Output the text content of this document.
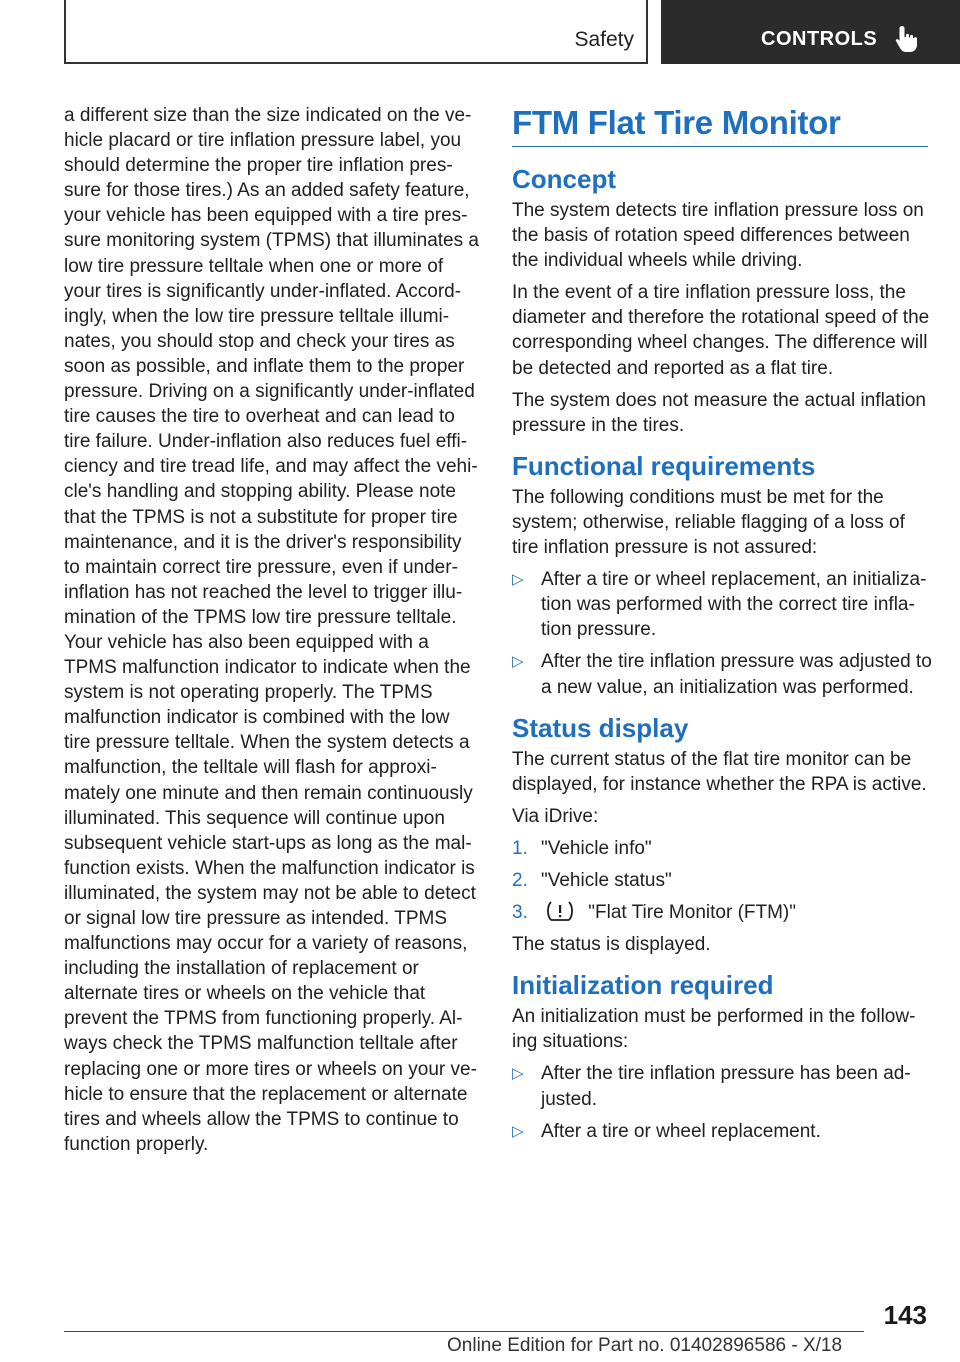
Safety	CONTROLS

a different size than the size indicated on the vehicle placard or tire inflation pressure label, you should determine the proper tire inflation pressure for those tires.) As an added safety feature, your vehicle has been equipped with a tire pressure monitoring system (TPMS) that illuminates a low tire pressure telltale when one or more of your tires is significantly under-inflated. Accordingly, when the low tire pressure telltale illuminates, you should stop and check your tires as soon as possible, and inflate them to the proper pressure. Driving on a significantly under-inflated tire causes the tire to overheat and can lead to tire failure. Under-inflation also reduces fuel efficiency and tire tread life, and may affect the vehicle's handling and stopping ability. Please note that the TPMS is not a substitute for proper tire maintenance, and it is the driver's responsibility to maintain correct tire pressure, even if under-inflation has not reached the level to trigger illumination of the TPMS low tire pressure telltale. Your vehicle has also been equipped with a TPMS malfunction indicator to indicate when the system is not operating properly. The TPMS malfunction indicator is combined with the low tire pressure telltale. When the system detects a malfunction, the telltale will flash for approximately one minute and then remain continuously illuminated. This sequence will continue upon subsequent vehicle start-ups as long as the malfunction exists. When the malfunction indicator is illuminated, the system may not be able to detect or signal low tire pressure as intended. TPMS malfunctions may occur for a variety of reasons, including the installation of replacement or alternate tires or wheels on the vehicle that prevent the TPMS from functioning properly. Always check the TPMS malfunction telltale after replacing one or more tires or wheels on your vehicle to ensure that the replacement or alternate tires and wheels allow the TPMS to continue to function properly.

FTM Flat Tire Monitor
Concept

The system detects tire inflation pressure loss on the basis of rotation speed differences between the individual wheels while driving.

In the event of a tire inflation pressure loss, the diameter and therefore the rotational speed of the corresponding wheel changes. The difference will be detected and reported as a flat tire.

The system does not measure the actual inflation pressure in the tires.

Functional requirements

The following conditions must be met for the system; otherwise, reliable flagging of a loss of tire inflation pressure is not assured:

▷ After a tire or wheel replacement, an initialization was performed with the correct tire inflation pressure.
▷ After the tire inflation pressure was adjusted to a new value, an initialization was performed.
Status display

The current status of the flat tire monitor can be displayed, for instance whether the RPA is active.

Via iDrive:

1. "Vehicle info"
2. "Vehicle status"
3.	"Flat Tire Monitor (FTM)"

The status is displayed.

Initialization required

An initialization must be performed in the following situations:

▷ After the tire inflation pressure has been adjusted.
▷ After a tire or wheel replacement.
143
Online Edition for Part no. 01402896586 - X/18
